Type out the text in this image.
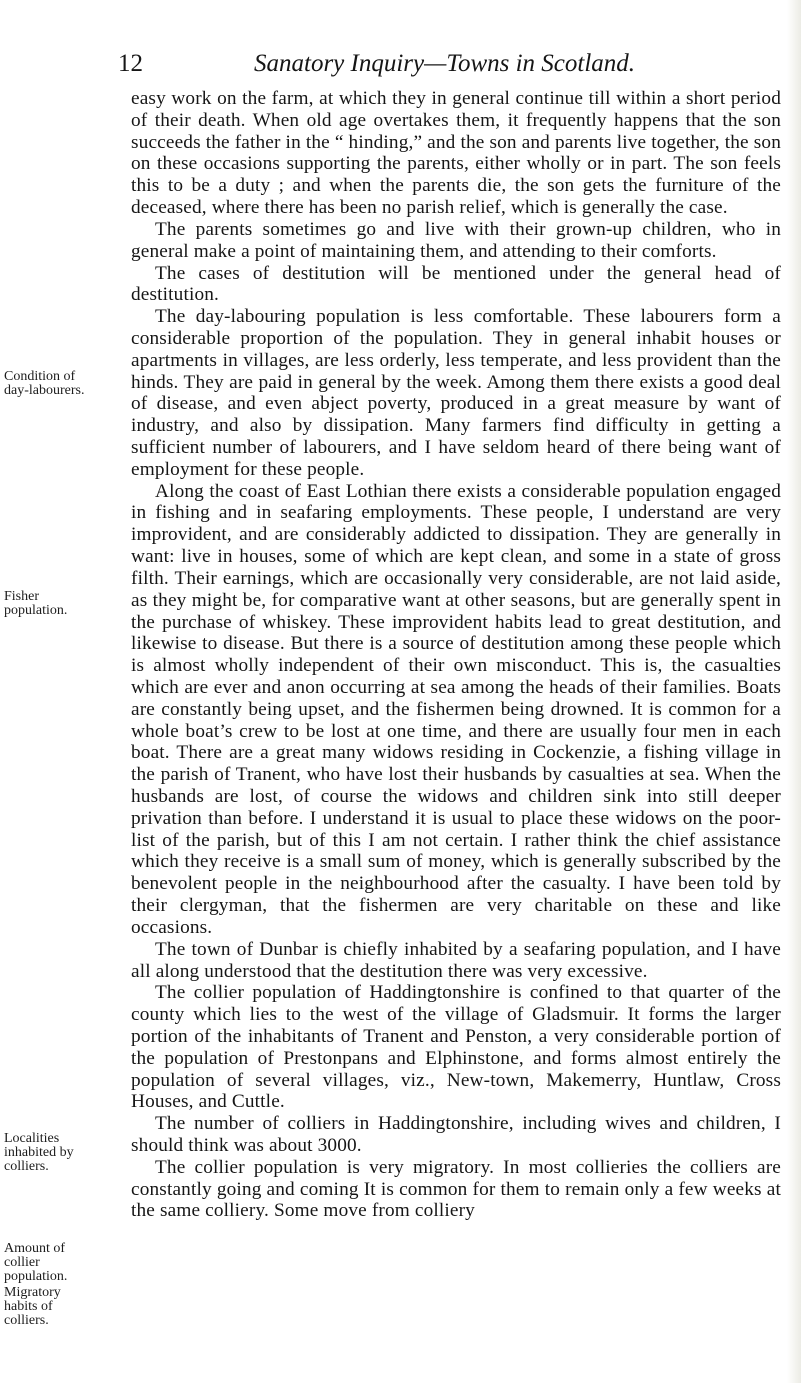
12	Sanatory Inquiry—Towns in Scotland.
Condition of day-labourers.
Fisher population.
Localities inhabited by colliers.
Amount of collier population.
Migratory habits of colliers.

easy work on the farm, at which they in general continue till within a short period of their death. When old age overtakes them, it frequently happens that the son succeeds the father in the “ hinding,” and the son and parents live together, the son on these occasions supporting the parents, either wholly or in part. The son feels this to be a duty ; and when the parents die, the son gets the furniture of the deceased, where there has been no parish relief, which is generally the case.

The parents sometimes go and live with their grown-up children, who in general make a point of maintaining them, and attending to their comforts.

The cases of destitution will be mentioned under the general head of destitution.

The day-labouring population is less comfortable. These labourers form a considerable proportion of the population. They in general inhabit houses or apartments in villages, are less orderly, less temperate, and less provident than the hinds. They are paid in general by the week. Among them there exists a good deal of disease, and even abject poverty, produced in a great measure by want of industry, and also by dissipation. Many farmers find difficulty in getting a sufficient number of labourers, and I have seldom heard of there being want of employment for these people.

Along the coast of East Lothian there exists a considerable population engaged in fishing and in seafaring employments. These people, I understand are very improvident, and are considerably addicted to dissipation. They are generally in want: live in houses, some of which are kept clean, and some in a state of gross filth. Their earnings, which are occasionally very considerable, are not laid aside, as they might be, for comparative want at other seasons, but are generally spent in the purchase of whiskey. These improvident habits lead to great destitution, and likewise to disease. But there is a source of destitution among these people which is almost wholly independent of their own misconduct. This is, the casualties which are ever and anon occurring at sea among the heads of their families. Boats are constantly being upset, and the fishermen being drowned. It is common for a whole boat’s crew to be lost at one time, and there are usually four men in each boat. There are a great many widows residing in Cockenzie, a fishing village in the parish of Tranent, who have lost their husbands by casualties at sea. When the husbands are lost, of course the widows and children sink into still deeper privation than before. I understand it is usual to place these widows on the poor-list of the parish, but of this I am not certain. I rather think the chief assistance which they receive is a small sum of money, which is generally subscribed by the benevolent people in the neighbourhood after the casualty. I have been told by their clergyman, that the fishermen are very charitable on these and like occasions.

The town of Dunbar is chiefly inhabited by a seafaring population, and I have all along understood that the destitution there was very excessive.

The collier population of Haddingtonshire is confined to that quarter of the county which lies to the west of the village of Gladsmuir. It forms the larger portion of the inhabitants of Tranent and Penston, a very considerable portion of the population of Prestonpans and Elphinstone, and forms almost entirely the population of several villages, viz., New-town, Makemerry, Huntlaw, Cross Houses, and Cuttle.

The number of colliers in Haddingtonshire, including wives and children, I should think was about 3000.

The collier population is very migratory. In most collieries the colliers are constantly going and coming It is common for them to remain only a few weeks at the same colliery. Some move from colliery
